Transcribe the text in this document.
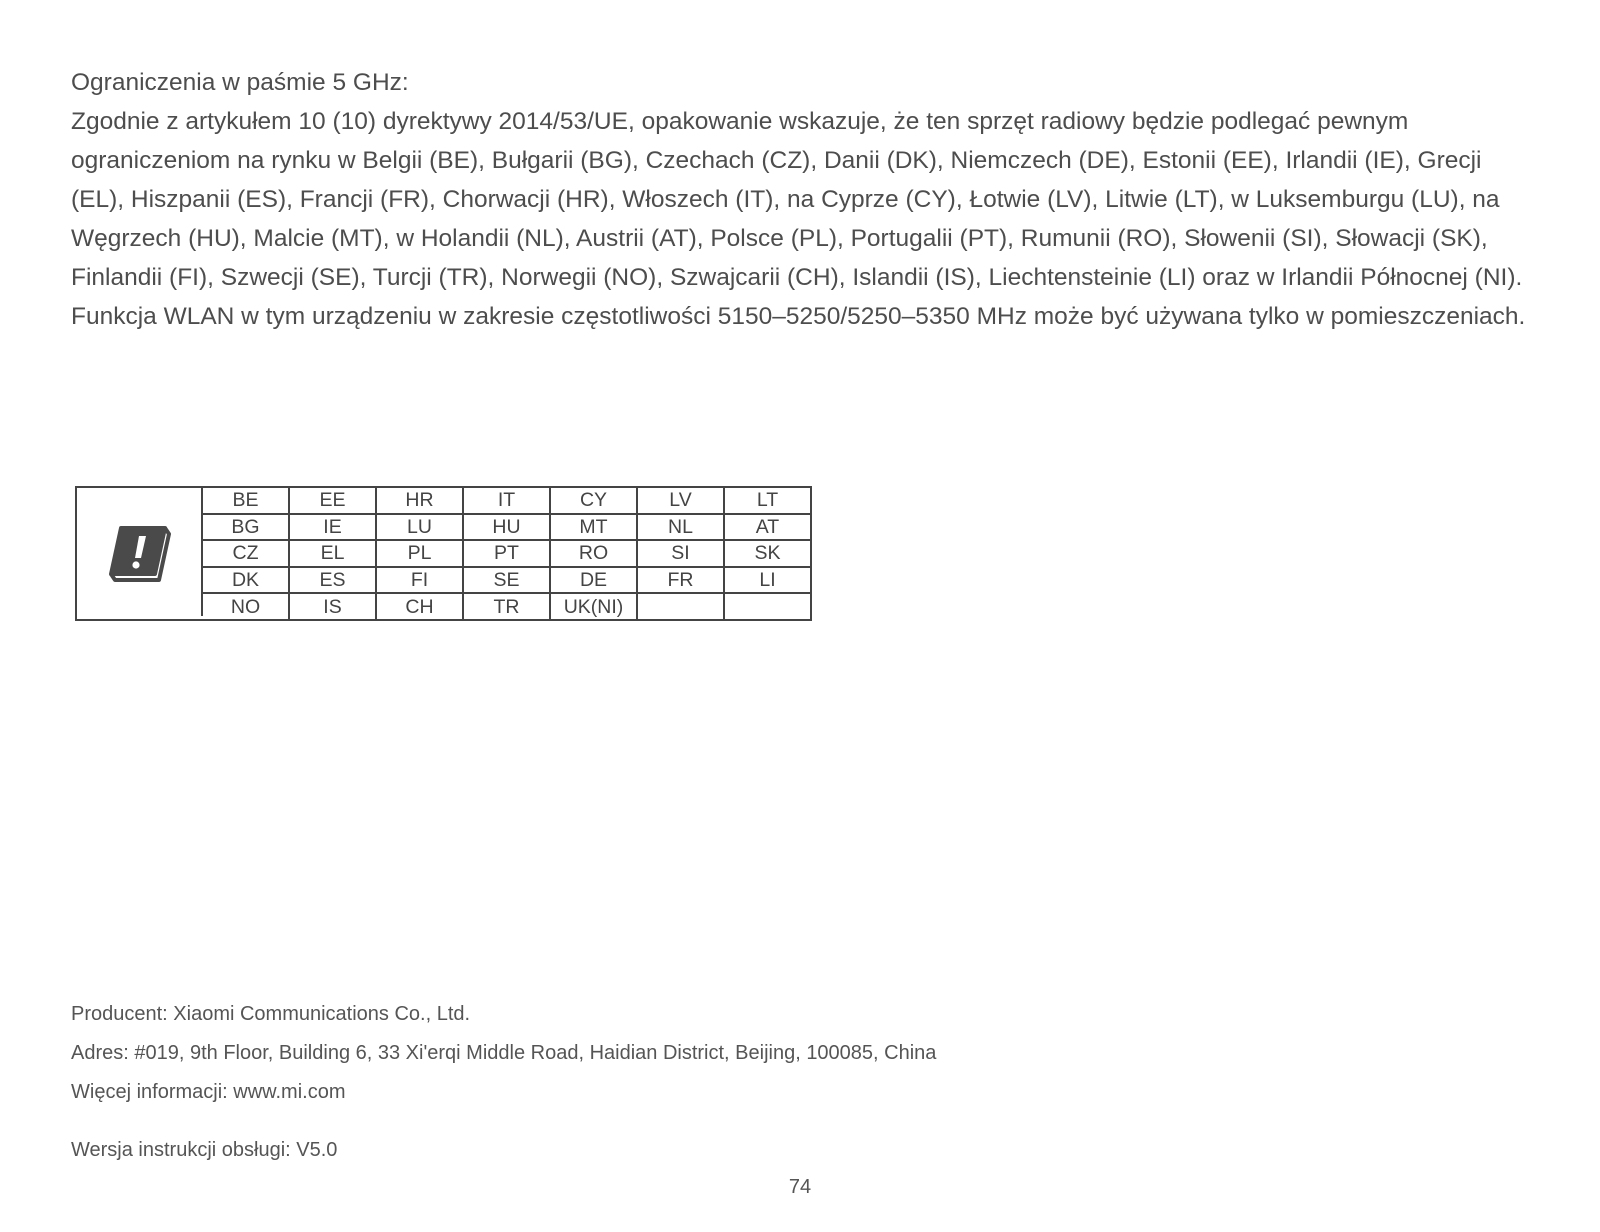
Ograniczenia w paśmie 5 GHz:

Zgodnie z artykułem 10 (10) dyrektywy 2014/53/UE, opakowanie wskazuje, że ten sprzęt radiowy będzie podlegać pewnym ograniczeniom na rynku w Belgii (BE), Bułgarii (BG), Czechach (CZ), Danii (DK), Niemczech (DE), Estonii (EE), Irlandii (IE), Grecji (EL), Hiszpanii (ES), Francji (FR), Chorwacji (HR), Włoszech (IT), na Cyprze (CY), Łotwie (LV), Litwie (LT), w Luksemburgu (LU), na Węgrzech (HU), Malcie (MT), w Holandii (NL), Austrii (AT), Polsce (PL), Portugalii (PT), Rumunii (RO), Słowenii (SI), Słowacji (SK), Finlandii (FI), Szwecji (SE), Turcji (TR), Norwegii (NO), Szwajcarii (CH), Islandii (IS), Liechtensteinie (LI) oraz w Irlandii Północnej (NI).

Funkcja WLAN w tym urządzeniu w zakresie częstotliwości 5150–5250/5250–5350 MHz może być używana tylko w pomieszczeniach.

BE	EE	HR	IT	CY	LV	LT
BG	IE	LU	HU	MT	NL	AT
CZ	EL	PL	PT	RO	SI	SK
DK	ES	FI	SE	DE	FR	LI
NO	IS	CH	TR	UK(NI)		
Producent: Xiaomi Communications Co., Ltd.
Adres: #019, 9th Floor, Building 6, 33 Xi'erqi Middle Road, Haidian District, Beijing, 100085, China
Więcej informacji: www.mi.com
Wersja instrukcji obsługi: V5.0
74
